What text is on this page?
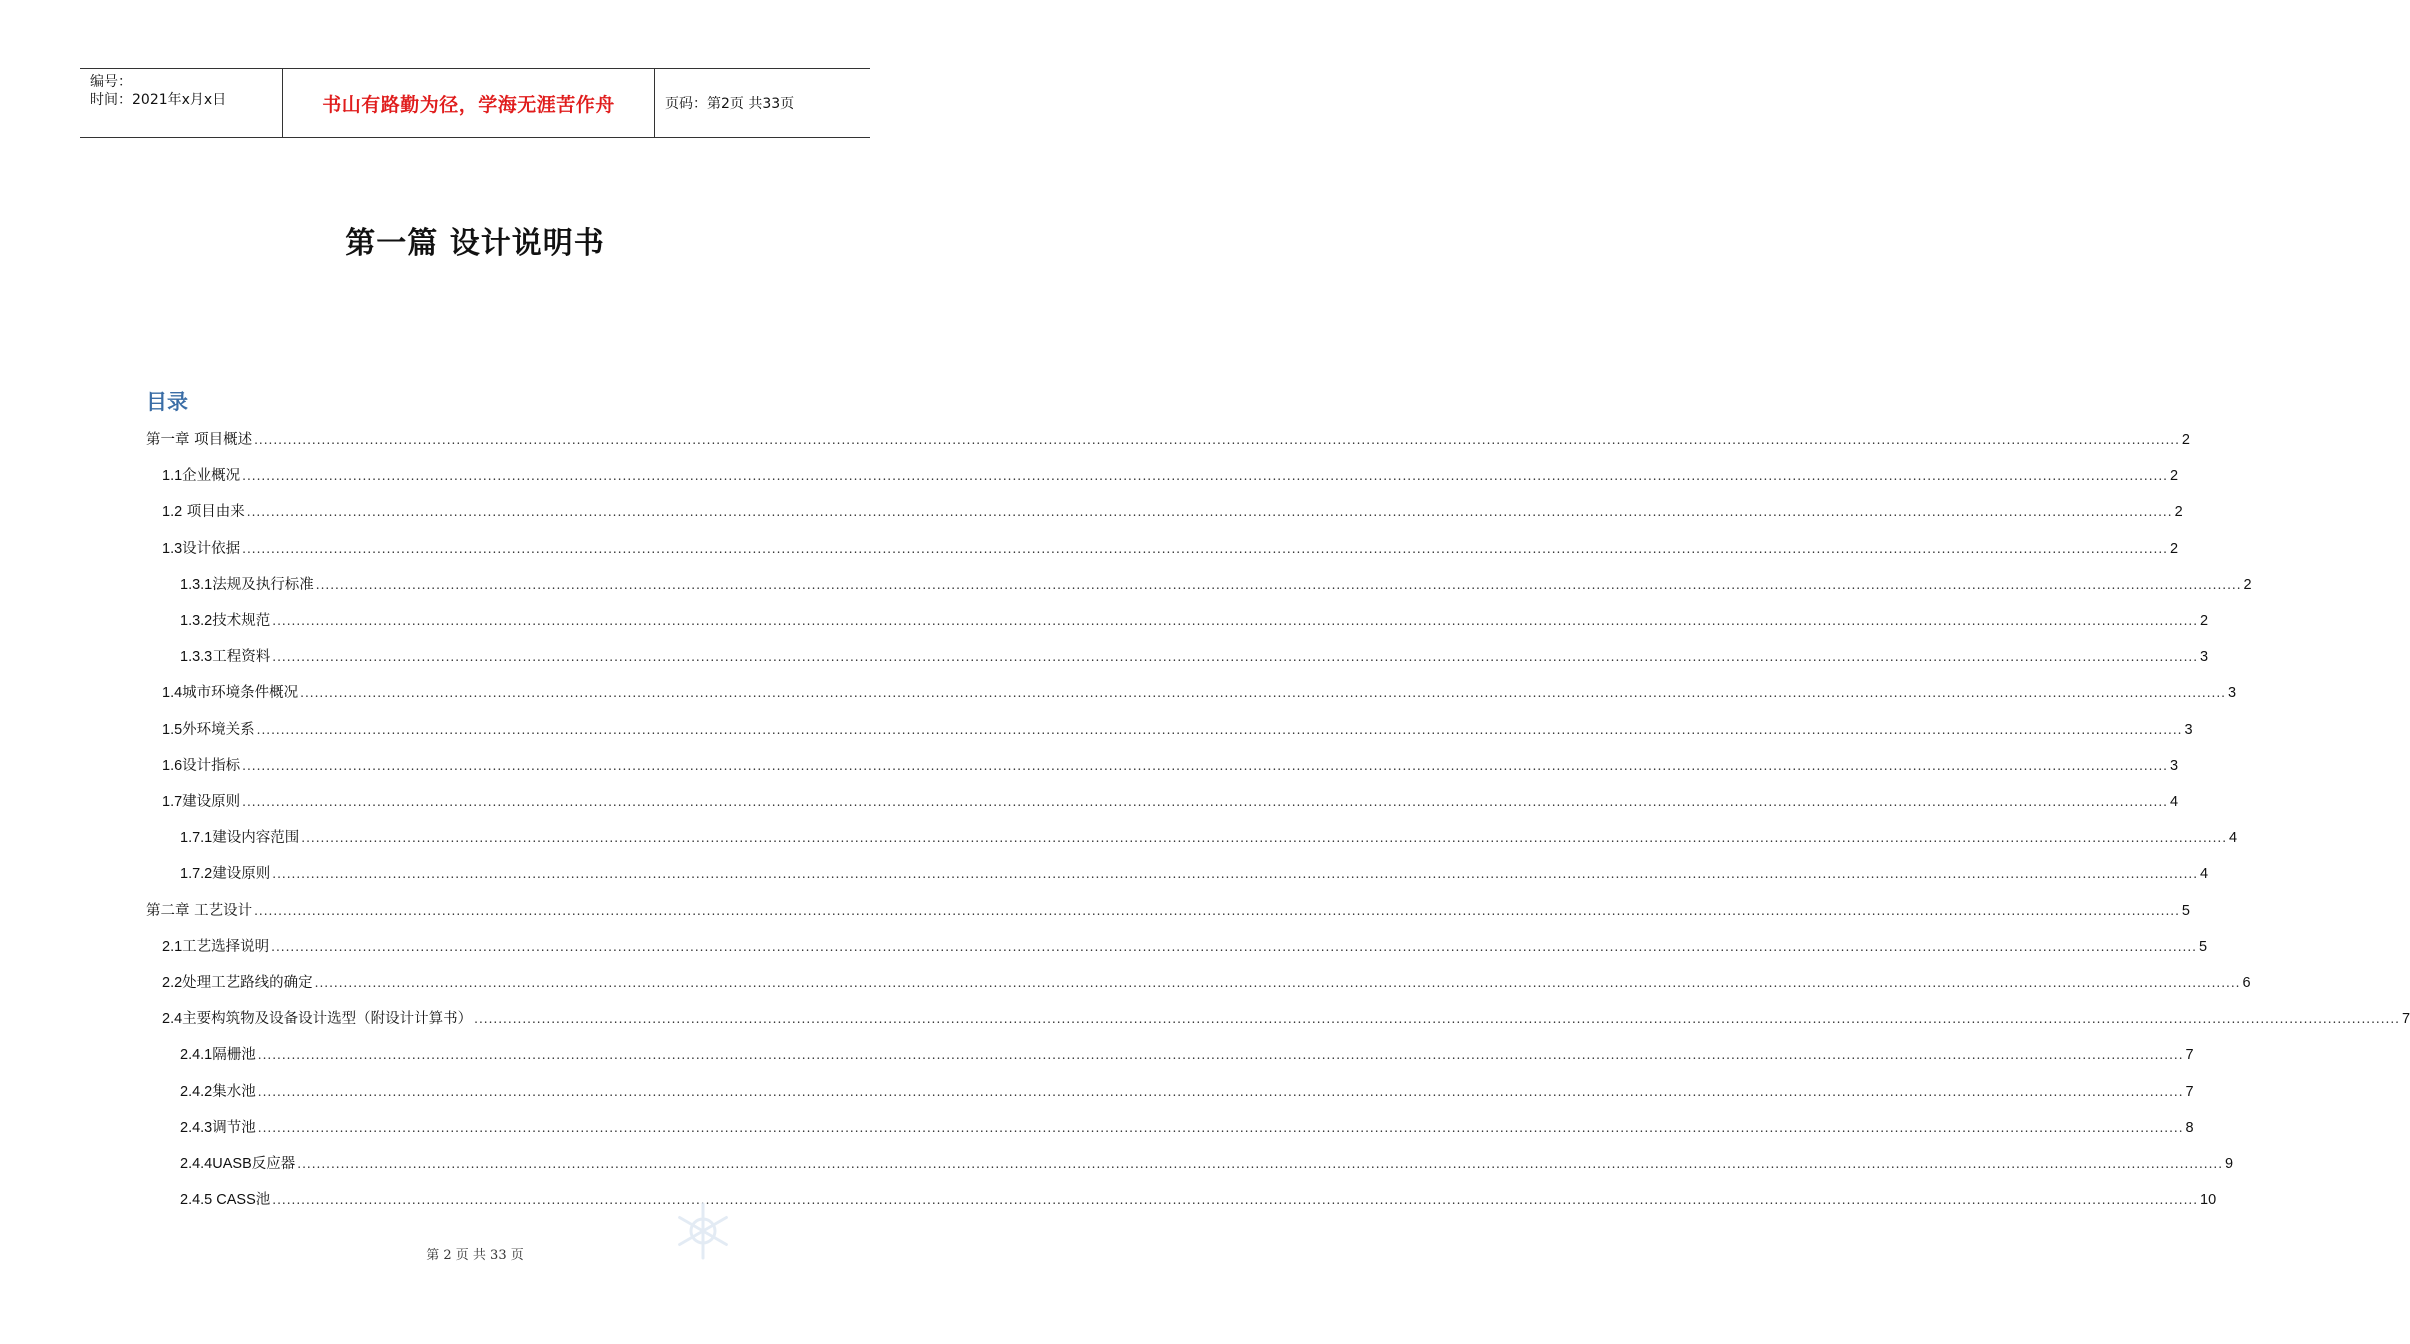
编号：
时间：2021年x月x日	书山有路勤为径，学海无涯苦作舟	页码：第2页 共33页
第一篇 设计说明书
目录
第一章 项目概述 ................................................................................................................................................................................................................................................................................................................................................................................................................ 2
1.1企业概况 ................................................................................................................................................................................................................................................................................................................................................................................................................ 2
1.2 项目由来 ................................................................................................................................................................................................................................................................................................................................................................................................................ 2
1.3设计依据 ................................................................................................................................................................................................................................................................................................................................................................................................................ 2
1.3.1法规及执行标准 ................................................................................................................................................................................................................................................................................................................................................................................................................ 2
1.3.2技术规范 ................................................................................................................................................................................................................................................................................................................................................................................................................ 2
1.3.3工程资料 ................................................................................................................................................................................................................................................................................................................................................................................................................ 3
1.4城市环境条件概况 ................................................................................................................................................................................................................................................................................................................................................................................................................ 3
1.5外环境关系 ................................................................................................................................................................................................................................................................................................................................................................................................................ 3
1.6设计指标 ................................................................................................................................................................................................................................................................................................................................................................................................................ 3
1.7建设原则 ................................................................................................................................................................................................................................................................................................................................................................................................................ 4
1.7.1建设内容范围 ................................................................................................................................................................................................................................................................................................................................................................................................................ 4
1.7.2建设原则 ................................................................................................................................................................................................................................................................................................................................................................................................................ 4
第二章 工艺设计 ................................................................................................................................................................................................................................................................................................................................................................................................................ 5
2.1工艺选择说明 ................................................................................................................................................................................................................................................................................................................................................................................................................ 5
2.2处理工艺路线的确定 ................................................................................................................................................................................................................................................................................................................................................................................................................ 6
2.4主要构筑物及设备设计选型（附设计计算书） ................................................................................................................................................................................................................................................................................................................................................................................................................ 7
2.4.1隔栅池 ................................................................................................................................................................................................................................................................................................................................................................................................................ 7
2.4.2集水池 ................................................................................................................................................................................................................................................................................................................................................................................................................ 7
2.4.3调节池 ................................................................................................................................................................................................................................................................................................................................................................................................................ 8
2.4.4UASB反应器 ................................................................................................................................................................................................................................................................................................................................................................................................................ 9
2.4.5 CASS池 ................................................................................................................................................................................................................................................................................................................................................................................................................ 10
第 2 页 共 33 页
